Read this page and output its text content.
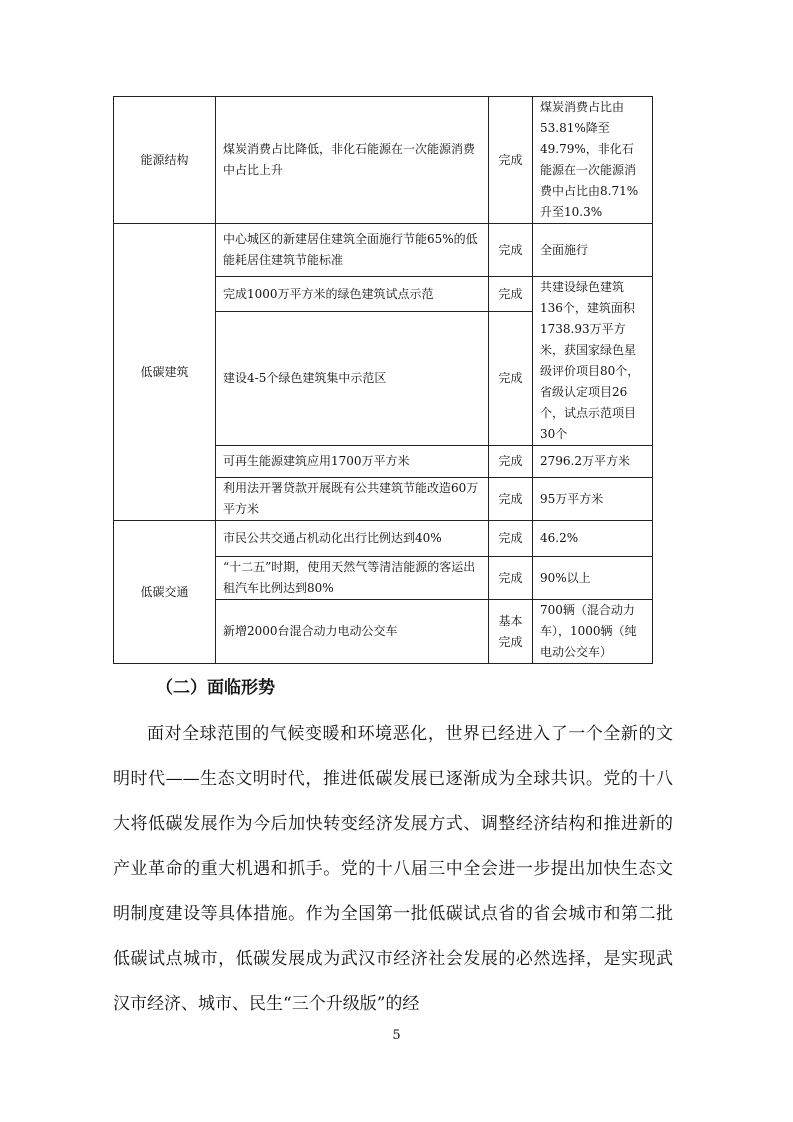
能源结构	煤炭消费占比降低，非化石能源在一次能源消费中占比上升	完成	煤炭消费占比由53.81%降至49.79%，非化石能源在一次能源消费中占比由8.71%升至10.3%
低碳建筑	中心城区的新建居住建筑全面施行节能65%的低能耗居住建筑节能标准	完成	全面施行
	完成1000万平方米的绿色建筑试点示范	完成	共建设绿色建筑136个，建筑面积1738.93万平方米，获国家绿色星级评价项目80个，省级认定项目26个，试点示范项目30个
	建设4-5个绿色建筑集中示范区	完成	
	可再生能源建筑应用1700万平方米	完成	2796.2万平方米
	利用法开署贷款开展既有公共建筑节能改造60万平方米	完成	95万平方米
低碳交通	市民公共交通占机动化出行比例达到40%	完成	46.2%
	“十二五”时期，使用天然气等清洁能源的客运出租汽车比例达到80%	完成	90%以上
	新增2000台混合动力电动公交车	基本完成	700辆（混合动力车），1000辆（纯电动公交车）
（二）面临形势

面对全球范围的气候变暖和环境恶化，世界已经进入了一个全新的文明时代——生态文明时代，推进低碳发展已逐渐成为全球共识。党的十八大将低碳发展作为今后加快转变经济发展方式、调整经济结构和推进新的产业革命的重大机遇和抓手。党的十八届三中全会进一步提出加快生态文明制度建设等具体措施。作为全国第一批低碳试点省的省会城市和第二批低碳试点城市，低碳发展成为武汉市经济社会发展的必然选择，是实现武汉市经济、城市、民生“三个升级版”的经

5
